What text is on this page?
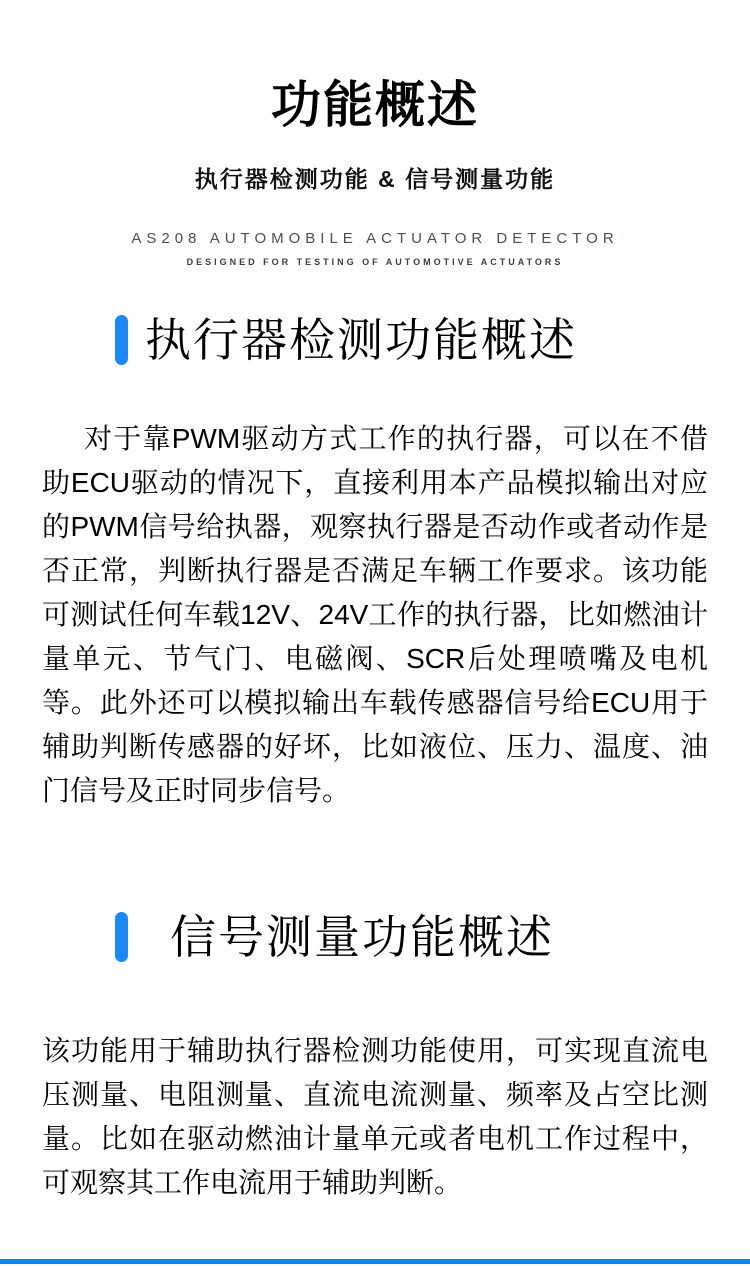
功能概述
执行器检测功能 & 信号测量功能
AS208 AUTOMOBILE ACTUATOR DETECTOR
DESIGNED FOR TESTING OF AUTOMOTIVE ACTUATORS
执行器检测功能概述

对于靠PWM驱动方式工作的执行器，可以在不借助ECU驱动的情况下，直接利用本产品模拟输出对应的PWM信号给执器，观察执行器是否动作或者动作是否正常，判断执行器是否满足车辆工作要求。该功能可测试任何车载12V、24V工作的执行器，比如燃油计量单元、节气门、电磁阀、SCR后处理喷嘴及电机等。此外还可以模拟输出车载传感器信号给ECU用于辅助判断传感器的好坏，比如液位、压力、温度、油门信号及正时同步信号。

信号测量功能概述

该功能用于辅助执行器检测功能使用，可实现直流电压测量、电阻测量、直流电流测量、频率及占空比测量。比如在驱动燃油计量单元或者电机工作过程中，可观察其工作电流用于辅助判断。
